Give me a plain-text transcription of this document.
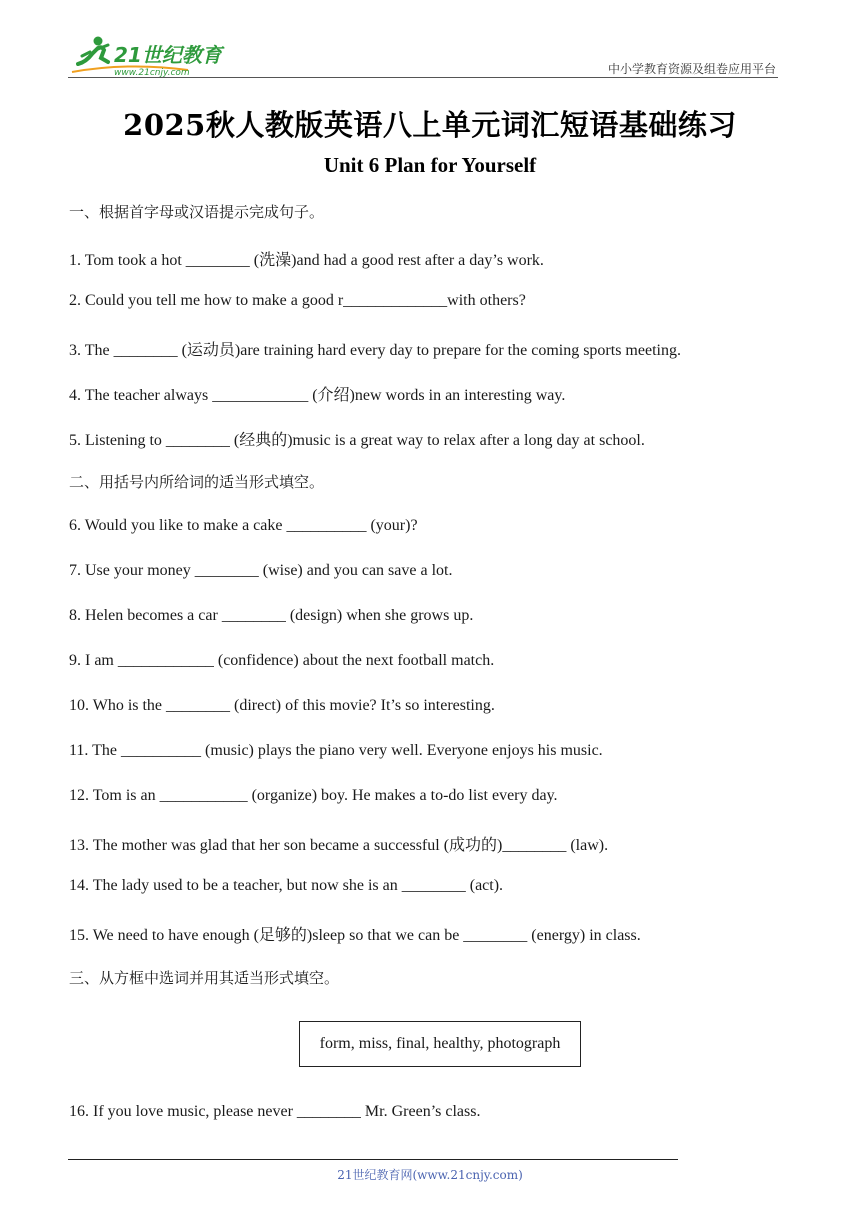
21世纪教育
www.21cnjy.com	中小学教育资源及组卷应用平台
2025秋人教版英语八上单元词汇短语基础练习
Unit 6 Plan for Yourself
一、根据首字母或汉语提示完成句子。
1. Tom took a hot ________ (洗澡)and had a good rest after a day’s work.
2. Could you tell me how to make a good r_____________with others?
3. The ________ (运动员)are training hard every day to prepare for the coming sports meeting.
4. The teacher always ____________ (介绍)new words in an interesting way.
5. Listening to ________ (经典的)music is a great way to relax after a long day at school.
二、用括号内所给词的适当形式填空。
6. Would you like to make a cake __________ (your)?
7. Use your money ________ (wise) and you can save a lot.
8. Helen becomes a car ________ (design) when she grows up.
9. I am ____________ (confidence) about the next football match.
10. Who is the ________ (direct) of this movie? It’s so interesting.
11. The __________ (music) plays the piano very well. Everyone enjoys his music.
12. Tom is an ___________ (organize) boy. He makes a to-do list every day.
13. The mother was glad that her son became a successful (成功的)________ (law).
14. The lady used to be a teacher, but now she is an ________ (act).
15. We need to have enough (足够的)sleep so that we can be ________ (energy) in class.
三、从方框中选词并用其适当形式填空。
form, miss, final, healthy, photograph
16. If you love music, please never ________ Mr. Green’s class.
21世纪教育网(www.21cnjy.com)
